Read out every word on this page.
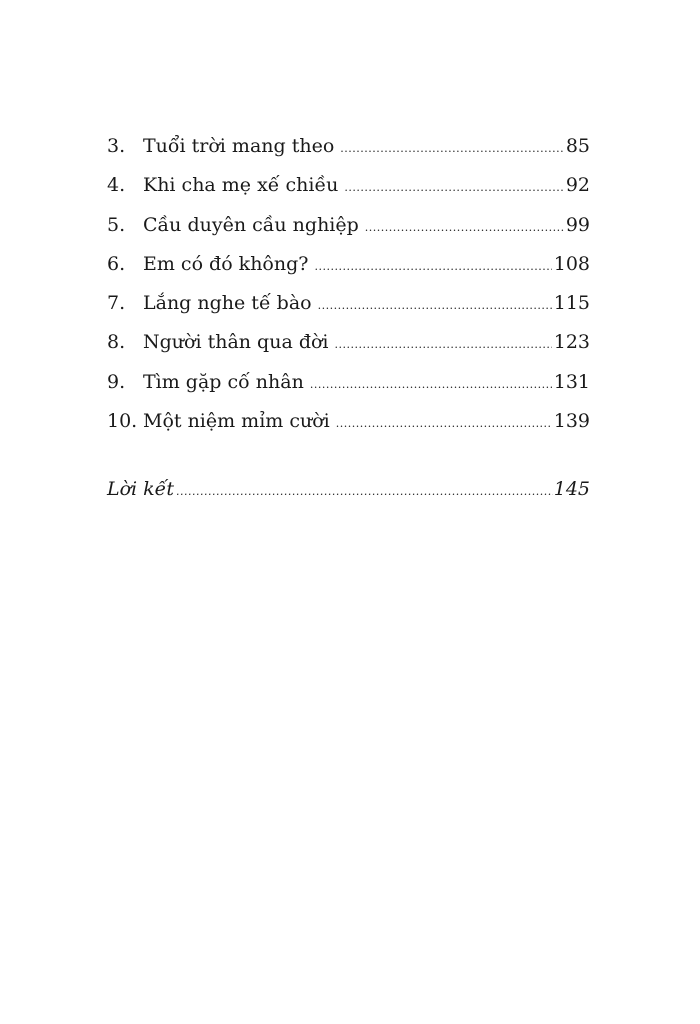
3. Tuổi trời mang theo .....	85
4. Khi cha mẹ xế chiều .....	92
5. Cầu duyên cầu nghiệp .....	99
6. Em có đó không? .....	108
7. Lắng nghe tế bào .....	115
8. Người thân qua đời .....	123
9. Tìm gặp cố nhân .....	131
10. Một niệm mỉm cười .....	139
Lời kết .....	145
